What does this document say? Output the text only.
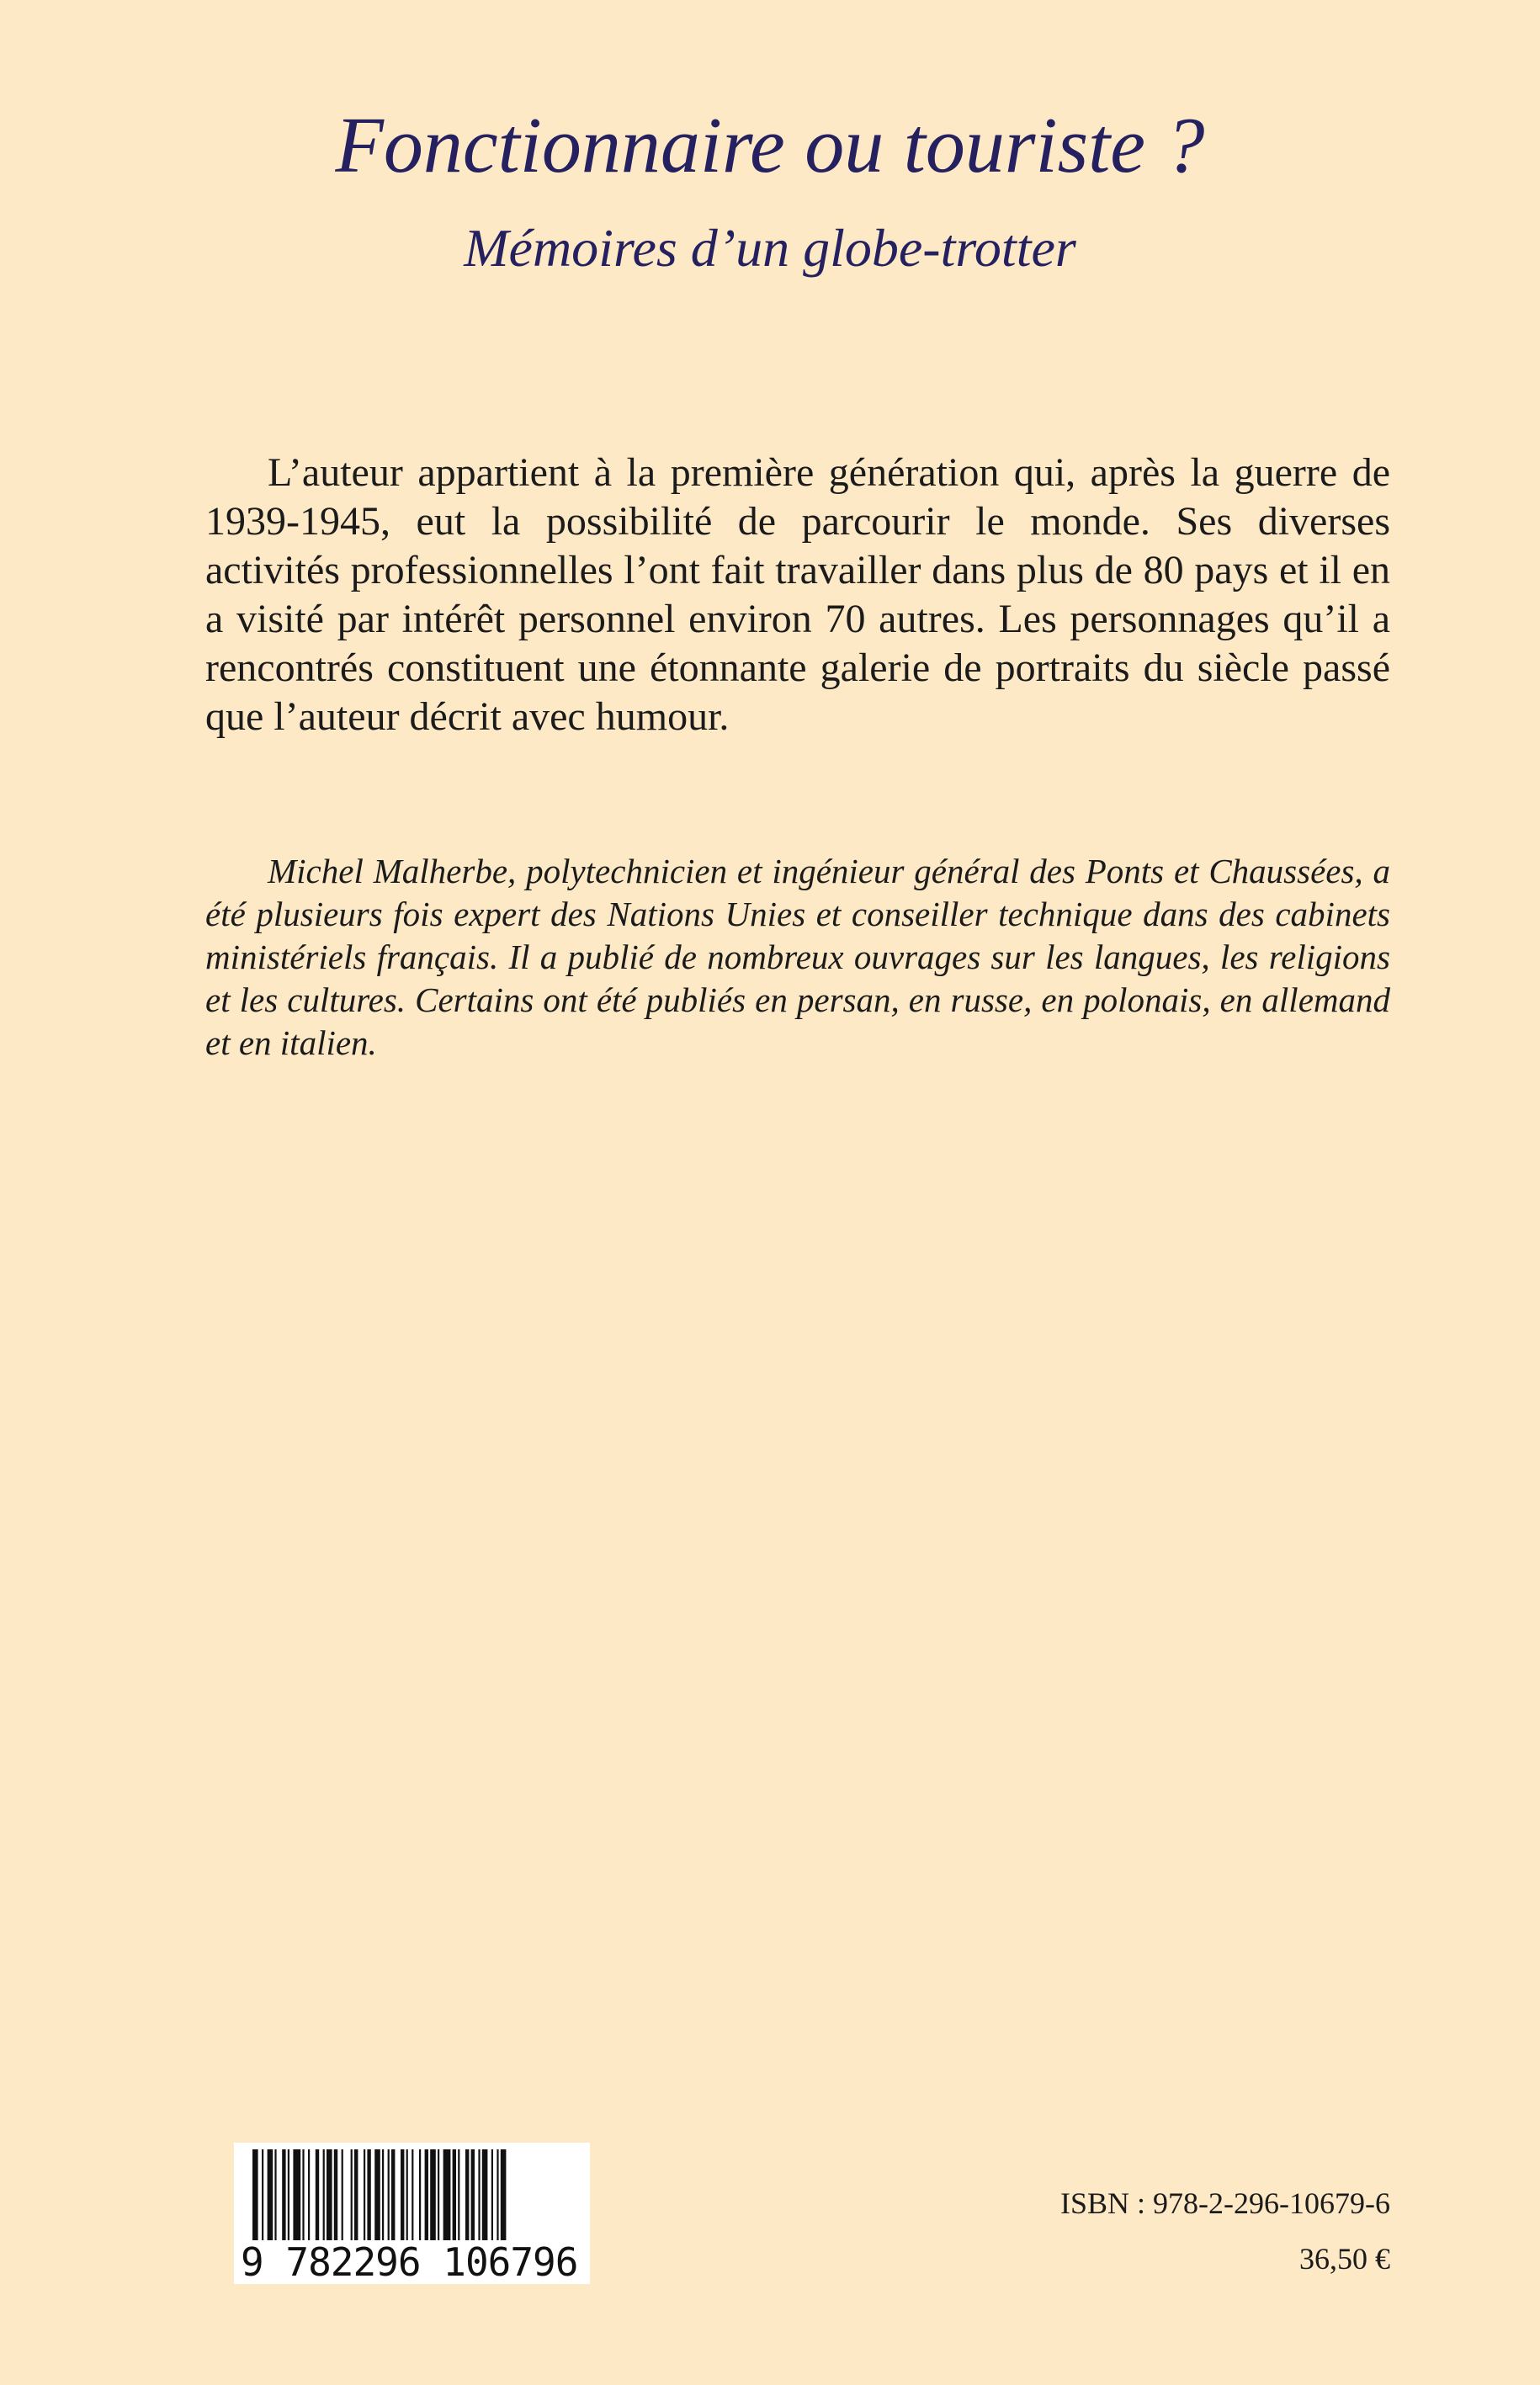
Fonctionnaire ou touriste ?
Mémoires d’un globe-trotter

L’auteur appartient à la première génération qui, après la guerre de 1939-1945, eut la possibilité de parcourir le monde. Ses diverses activités professionnelles l’ont fait travailler dans plus de 80 pays et il en a visité par intérêt personnel environ 70 autres. Les personnages qu’il a rencontrés constituent une étonnante galerie de portraits du siècle passé que l’auteur décrit avec humour.

Michel Malherbe, polytechnicien et ingénieur général des Ponts et Chaussées, a été plusieurs fois expert des Nations Unies et conseiller technique dans des cabinets ministériels français. Il a publié de nombreux ouvrages sur les langues, les religions et les cultures. Certains ont été publiés en persan, en russe, en polonais, en allemand et en italien.

9 782296 106796
ISBN : 978-2-296-10679-6
36,50 €
